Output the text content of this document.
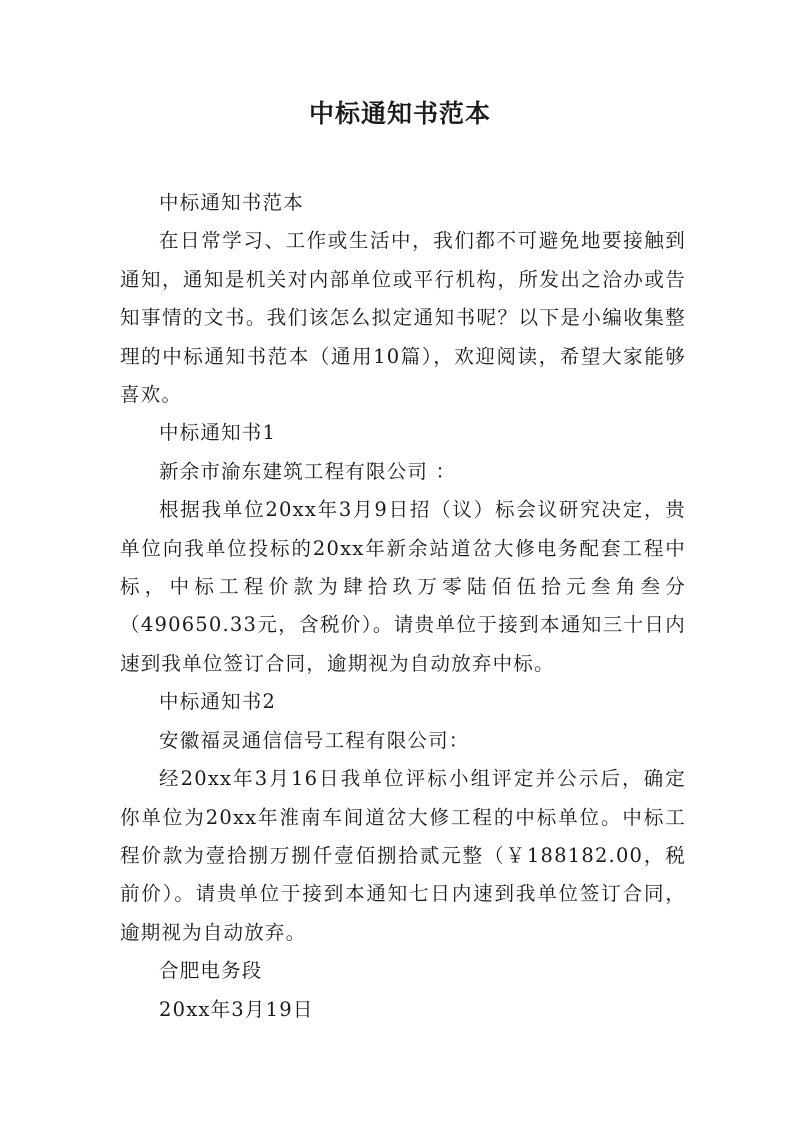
中标通知书范本

中标通知书范本

在日常学习、工作或生活中，我们都不可避免地要接触到通知，通知是机关对内部单位或平行机构，所发出之洽办或告知事情的文书。我们该怎么拟定通知书呢？以下是小编收集整理的中标通知书范本（通用10篇），欢迎阅读，希望大家能够喜欢。

中标通知书1

新余市渝东建筑工程有限公司 ：

根据我单位20xx年3月9日招（议）标会议研究决定，贵单位向我单位投标的20xx年新余站道岔大修电务配套工程中标，中标工程价款为肆拾玖万零陆佰伍拾元叁角叁分（490650.33元，含税价）。请贵单位于接到本通知三十日内速到我单位签订合同，逾期视为自动放弃中标。

中标通知书2

安徽福灵通信信号工程有限公司：

经20xx年3月16日我单位评标小组评定并公示后，确定你单位为20xx年淮南车间道岔大修工程的中标单位。中标工程价款为壹拾捌万捌仟壹佰捌拾贰元整（￥188182.00，税前价）。请贵单位于接到本通知七日内速到我单位签订合同，逾期视为自动放弃。

合肥电务段

20xx年3月19日
